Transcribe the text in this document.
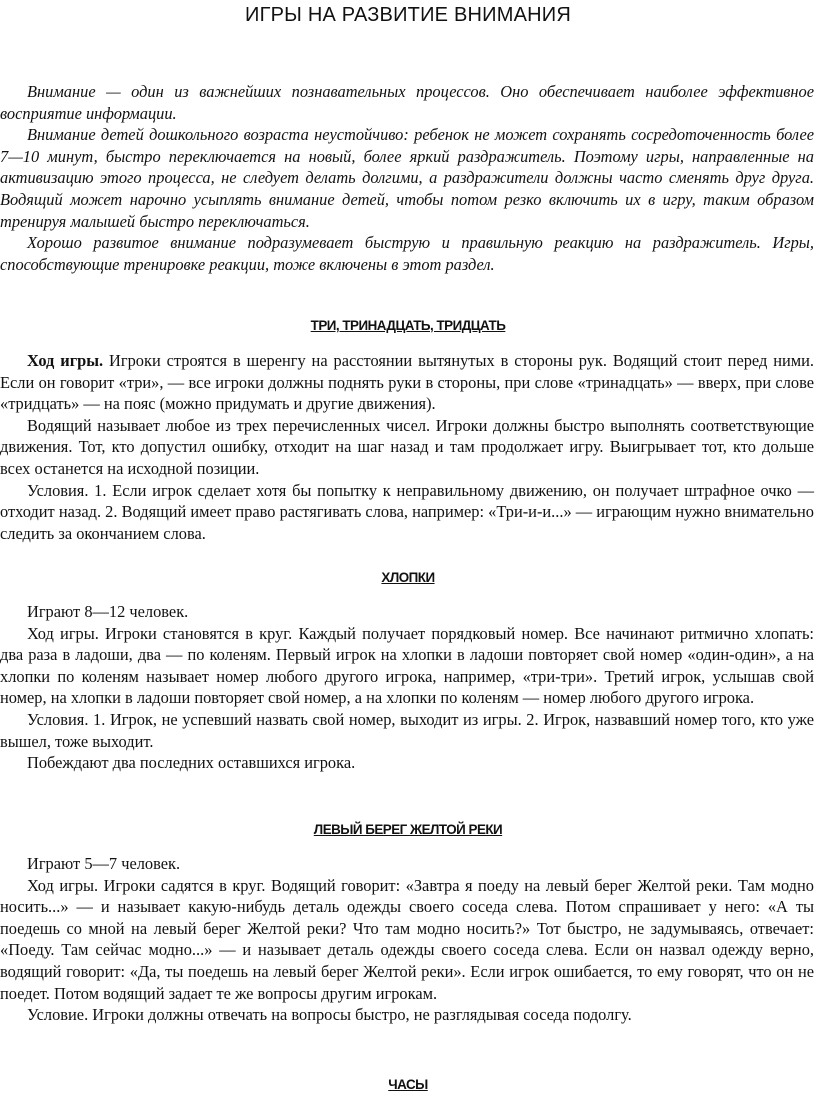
ИГРЫ НА РАЗВИТИЕ ВНИМАНИЯ

Внимание — один из важнейших познавательных процессов. Оно обеспечивает наиболее эффективное восприятие информации.

Внимание детей дошкольного возраста неустойчиво: ребенок не может сохранять сосредоточенность более 7—10 минут, быстро переключается на новый, более яркий раздражитель. Поэтому игры, направленные на активизацию этого процесса, не следует делать долгими, а раздражители должны часто сменять друг друга. Водящий может нарочно усыплять внимание детей, чтобы потом резко включить их в игру, таким образом тренируя малышей быстро переключаться.

Хорошо развитое внимание подразумевает быструю и правильную реакцию на раздражитель. Игры, способствующие тренировке реакции, тоже включены в этот раздел.

ТРИ, ТРИНАДЦАТЬ, ТРИДЦАТЬ

Ход игры. Игроки строятся в шеренгу на расстоянии вытянутых в стороны рук. Водящий стоит перед ними. Если он говорит «три», — все игроки должны поднять руки в стороны, при слове «тринадцать» — вверх, при слове «тридцать» — на пояс (можно придумать и другие движения).

Водящий называет любое из трех перечисленных чисел. Игроки должны быстро выполнять соответствующие движения. Тот, кто допустил ошибку, отходит на шаг назад и там продолжает игру. Выигрывает тот, кто дольше всех останется на исходной позиции.

Условия. 1. Если игрок сделает хотя бы попытку к неправильному движению, он получает штрафное очко — отходит назад. 2. Водящий имеет право растягивать слова, например: «Три-и-и...» — играющим нужно внимательно следить за окончанием слова.

ХЛОПКИ

Играют 8—12 человек.

Ход игры. Игроки становятся в круг. Каждый получает порядковый номер. Все начинают ритмично хлопать: два раза в ладоши, два — по коленям. Первый игрок на хлопки в ладоши повторяет свой номер «один-один», а на хлопки по коленям называет номер любого другого игрока, например, «три-три». Третий игрок, услышав свой номер, на хлопки в ладоши повторяет свой номер, а на хлопки по коленям — номер любого другого игрока.

Условия. 1. Игрок, не успевший назвать свой номер, выходит из игры. 2. Игрок, назвавший номер того, кто уже вышел, тоже выходит.

Побеждают два последних оставшихся игрока.

ЛЕВЫЙ БЕРЕГ ЖЕЛТОЙ РЕКИ

Играют 5—7 человек.

Ход игры. Игроки садятся в круг. Водящий говорит: «Завтра я поеду на левый берег Желтой реки. Там модно носить...» — и называет какую-нибудь деталь одежды своего соседа слева. Потом спрашивает у него: «А ты поедешь со мной на левый берег Желтой реки? Что там модно носить?» Тот быстро, не задумываясь, отвечает: «Поеду. Там сейчас модно...» — и называет деталь одежды своего соседа слева. Если он назвал одежду верно, водящий говорит: «Да, ты поедешь на левый берег Желтой реки». Если игрок ошибается, то ему говорят, что он не поедет. Потом водящий задает те же вопросы другим игрокам.

Условие. Игроки должны отвечать на вопросы быстро, не разглядывая соседа подолгу.

ЧАСЫ
